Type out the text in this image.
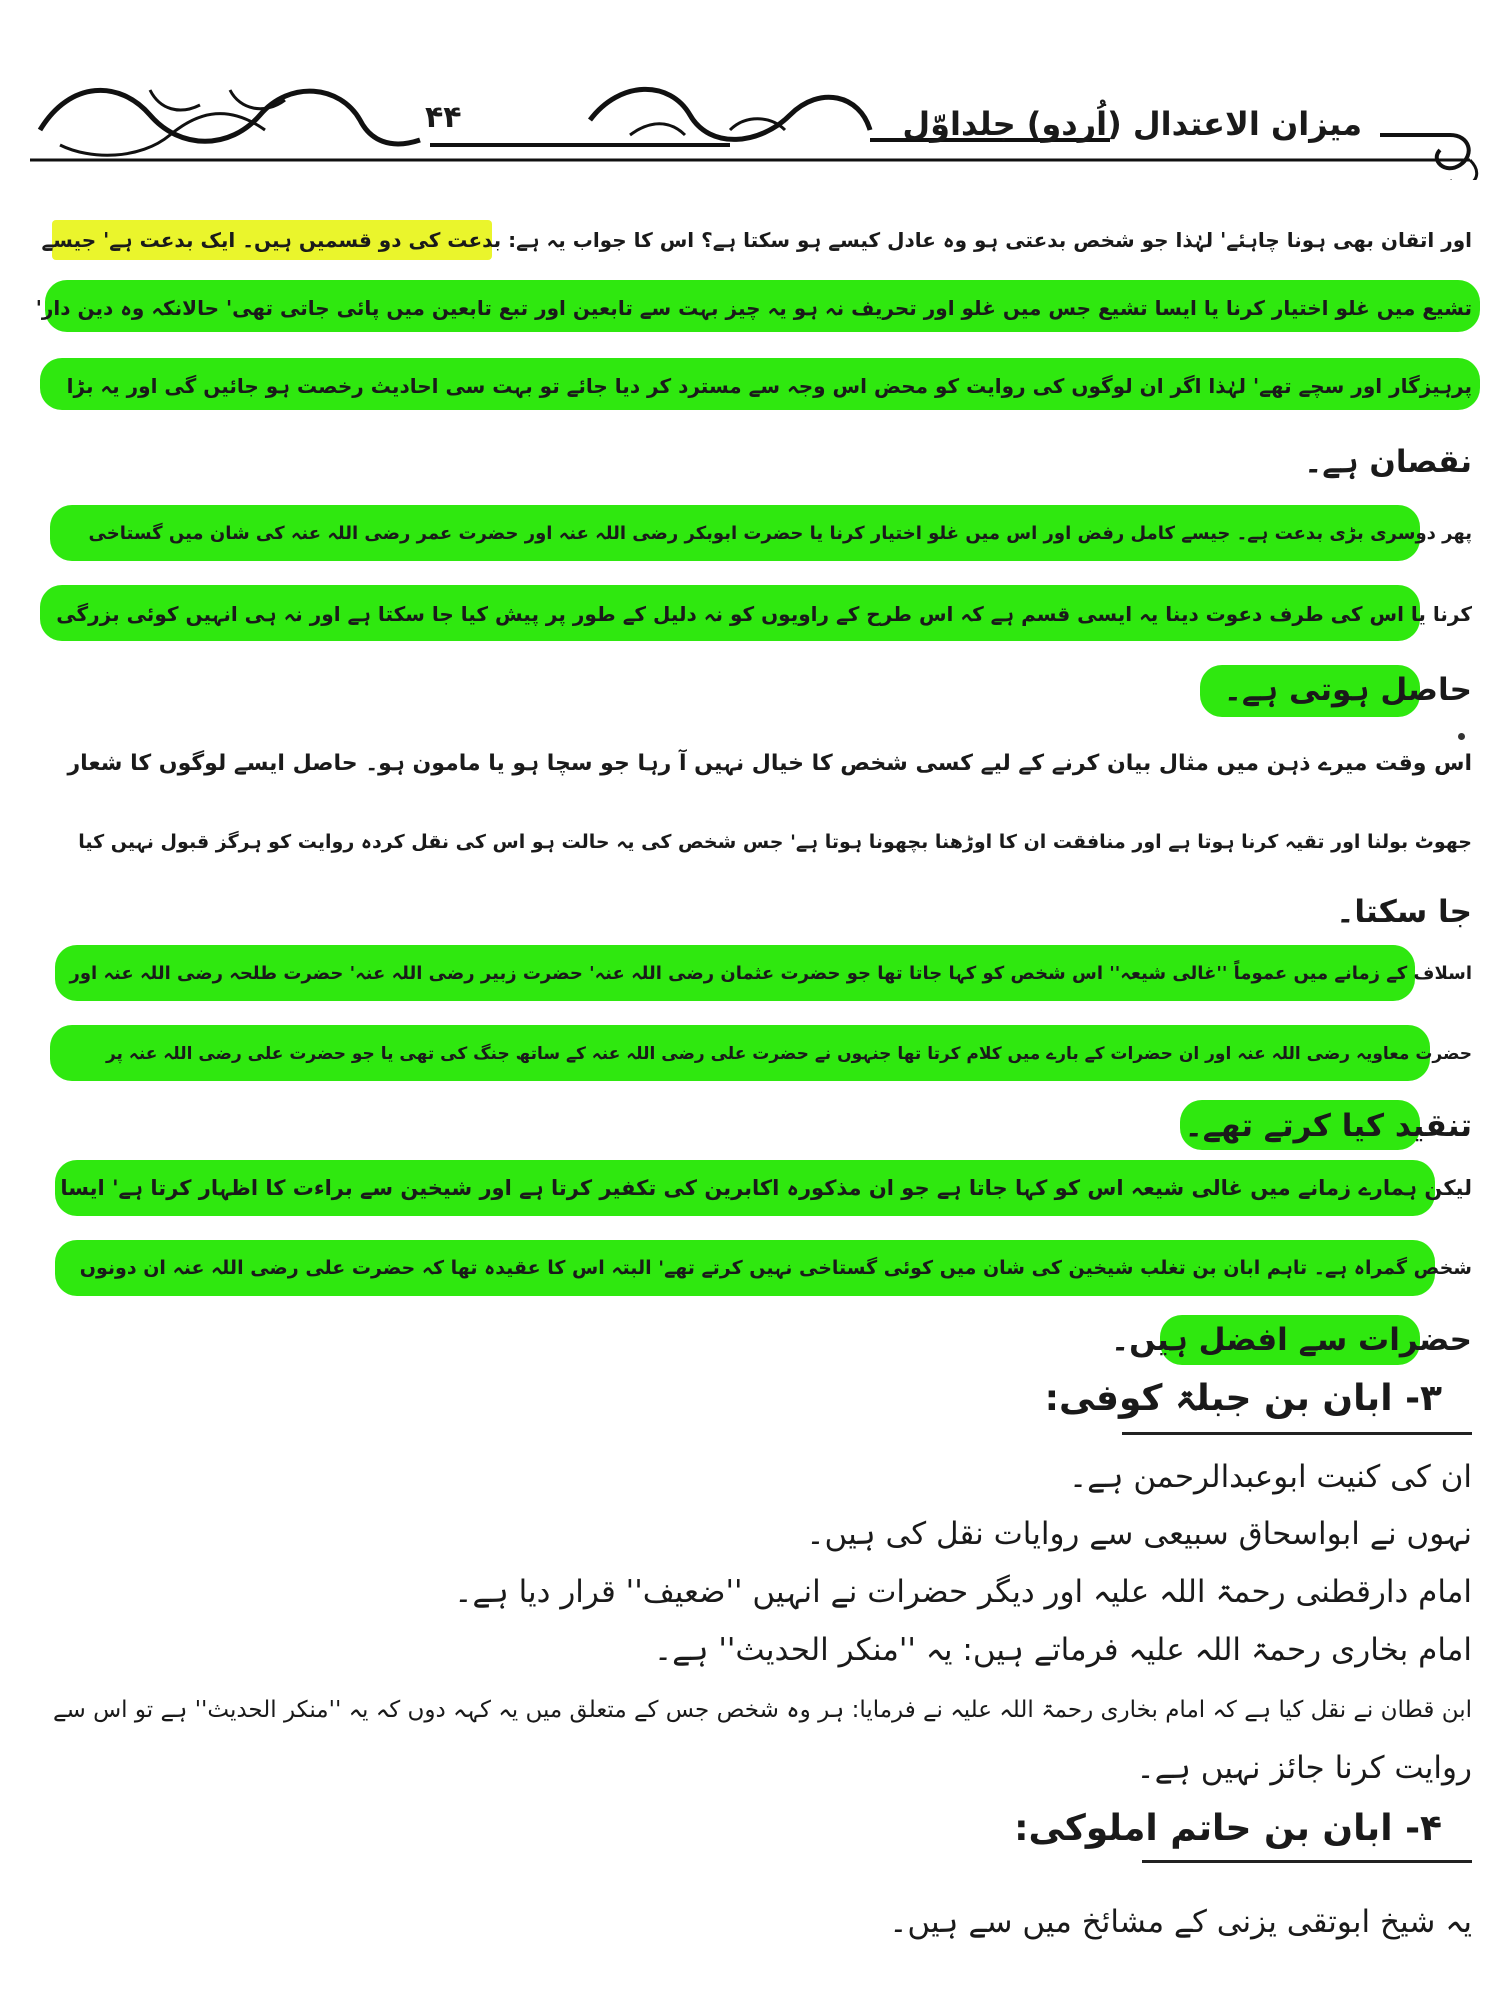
میزان الاعتدال (اُردو) جلداوّل
۴۴
اور اتقان بھی ہونا چاہئے' لہٰذا جو شخص بدعتی ہو وہ عادل کیسے ہو سکتا ہے؟ اس کا جواب یہ ہے: بدعت کی دو قسمیں ہیں۔ ایک بدعت ہے' جیسے
تشیع میں غلو اختیار کرنا یا ایسا تشیع جس میں غلو اور تحریف نہ ہو یہ چیز بہت سے تابعین اور تبع تابعین میں پائی جاتی تھی' حالانکہ وہ دین دار'
پرہیزگار اور سچے تھے' لہٰذا اگر ان لوگوں کی روایت کو محض اس وجہ سے مسترد کر دیا جائے تو بہت سی احادیث رخصت ہو جائیں گی اور یہ بڑا
نقصان ہے۔
پھر دوسری بڑی بدعت ہے۔ جیسے کامل رفض اور اس میں غلو اختیار کرنا یا حضرت ابوبکر رضی اللہ عنہ اور حضرت عمر رضی اللہ عنہ کی شان میں گستاخی
کرنا یا اس کی طرف دعوت دینا یہ ایسی قسم ہے کہ اس طرح کے راویوں کو نہ دلیل کے طور پر پیش کیا جا سکتا ہے اور نہ ہی انہیں کوئی بزرگی
حاصل ہوتی ہے۔
اس وقت میرے ذہن میں مثال بیان کرنے کے لیے کسی شخص کا خیال نہیں آ رہا جو سچا ہو یا مامون ہو۔ حاصل ایسے لوگوں کا شعار
جھوٹ بولنا اور تقیہ کرنا ہوتا ہے اور منافقت ان کا اوڑھنا بچھونا ہوتا ہے' جس شخص کی یہ حالت ہو اس کی نقل کردہ روایت کو ہرگز قبول نہیں کیا
جا سکتا۔
اسلاف کے زمانے میں عموماً ''غالی شیعہ'' اس شخص کو کہا جاتا تھا جو حضرت عثمان رضی اللہ عنہ' حضرت زبیر رضی اللہ عنہ' حضرت طلحہ رضی اللہ عنہ اور
حضرت معاویہ رضی اللہ عنہ اور ان حضرات کے بارے میں کلام کرتا تھا جنہوں نے حضرت علی رضی اللہ عنہ کے ساتھ جنگ کی تھی یا جو حضرت علی رضی اللہ عنہ پر
تنقید کیا کرتے تھے۔
لیکن ہمارے زمانے میں غالی شیعہ اس کو کہا جاتا ہے جو ان مذکورہ اکابرین کی تکفیر کرتا ہے اور شیخین سے براءت کا اظہار کرتا ہے' ایسا
شخص گمراہ ہے۔ تاہم ابان بن تغلب شیخین کی شان میں کوئی گستاخی نہیں کرتے تھے' البتہ اس کا عقیدہ تھا کہ حضرت علی رضی اللہ عنہ ان دونوں
حضرات سے افضل ہیں۔
۳- ابان بن جبلۃ کوفی:
ان کی کنیت ابوعبدالرحمن ہے۔
نہوں نے ابواسحاق سبیعی سے روایات نقل کی ہیں۔
امام دارقطنی رحمۃ اللہ علیہ اور دیگر حضرات نے انہیں ''ضعیف'' قرار دیا ہے۔
امام بخاری رحمۃ اللہ علیہ فرماتے ہیں: یہ ''منکر الحدیث'' ہے۔
ابن قطان نے نقل کیا ہے کہ امام بخاری رحمۃ اللہ علیہ نے فرمایا: ہر وہ شخص جس کے متعلق میں یہ کہہ دوں کہ یہ ''منکر الحدیث'' ہے تو اس سے
روایت کرنا جائز نہیں ہے۔
۴- ابان بن حاتم املوکی:
یہ شیخ ابوتقی یزنی کے مشائخ میں سے ہیں۔
